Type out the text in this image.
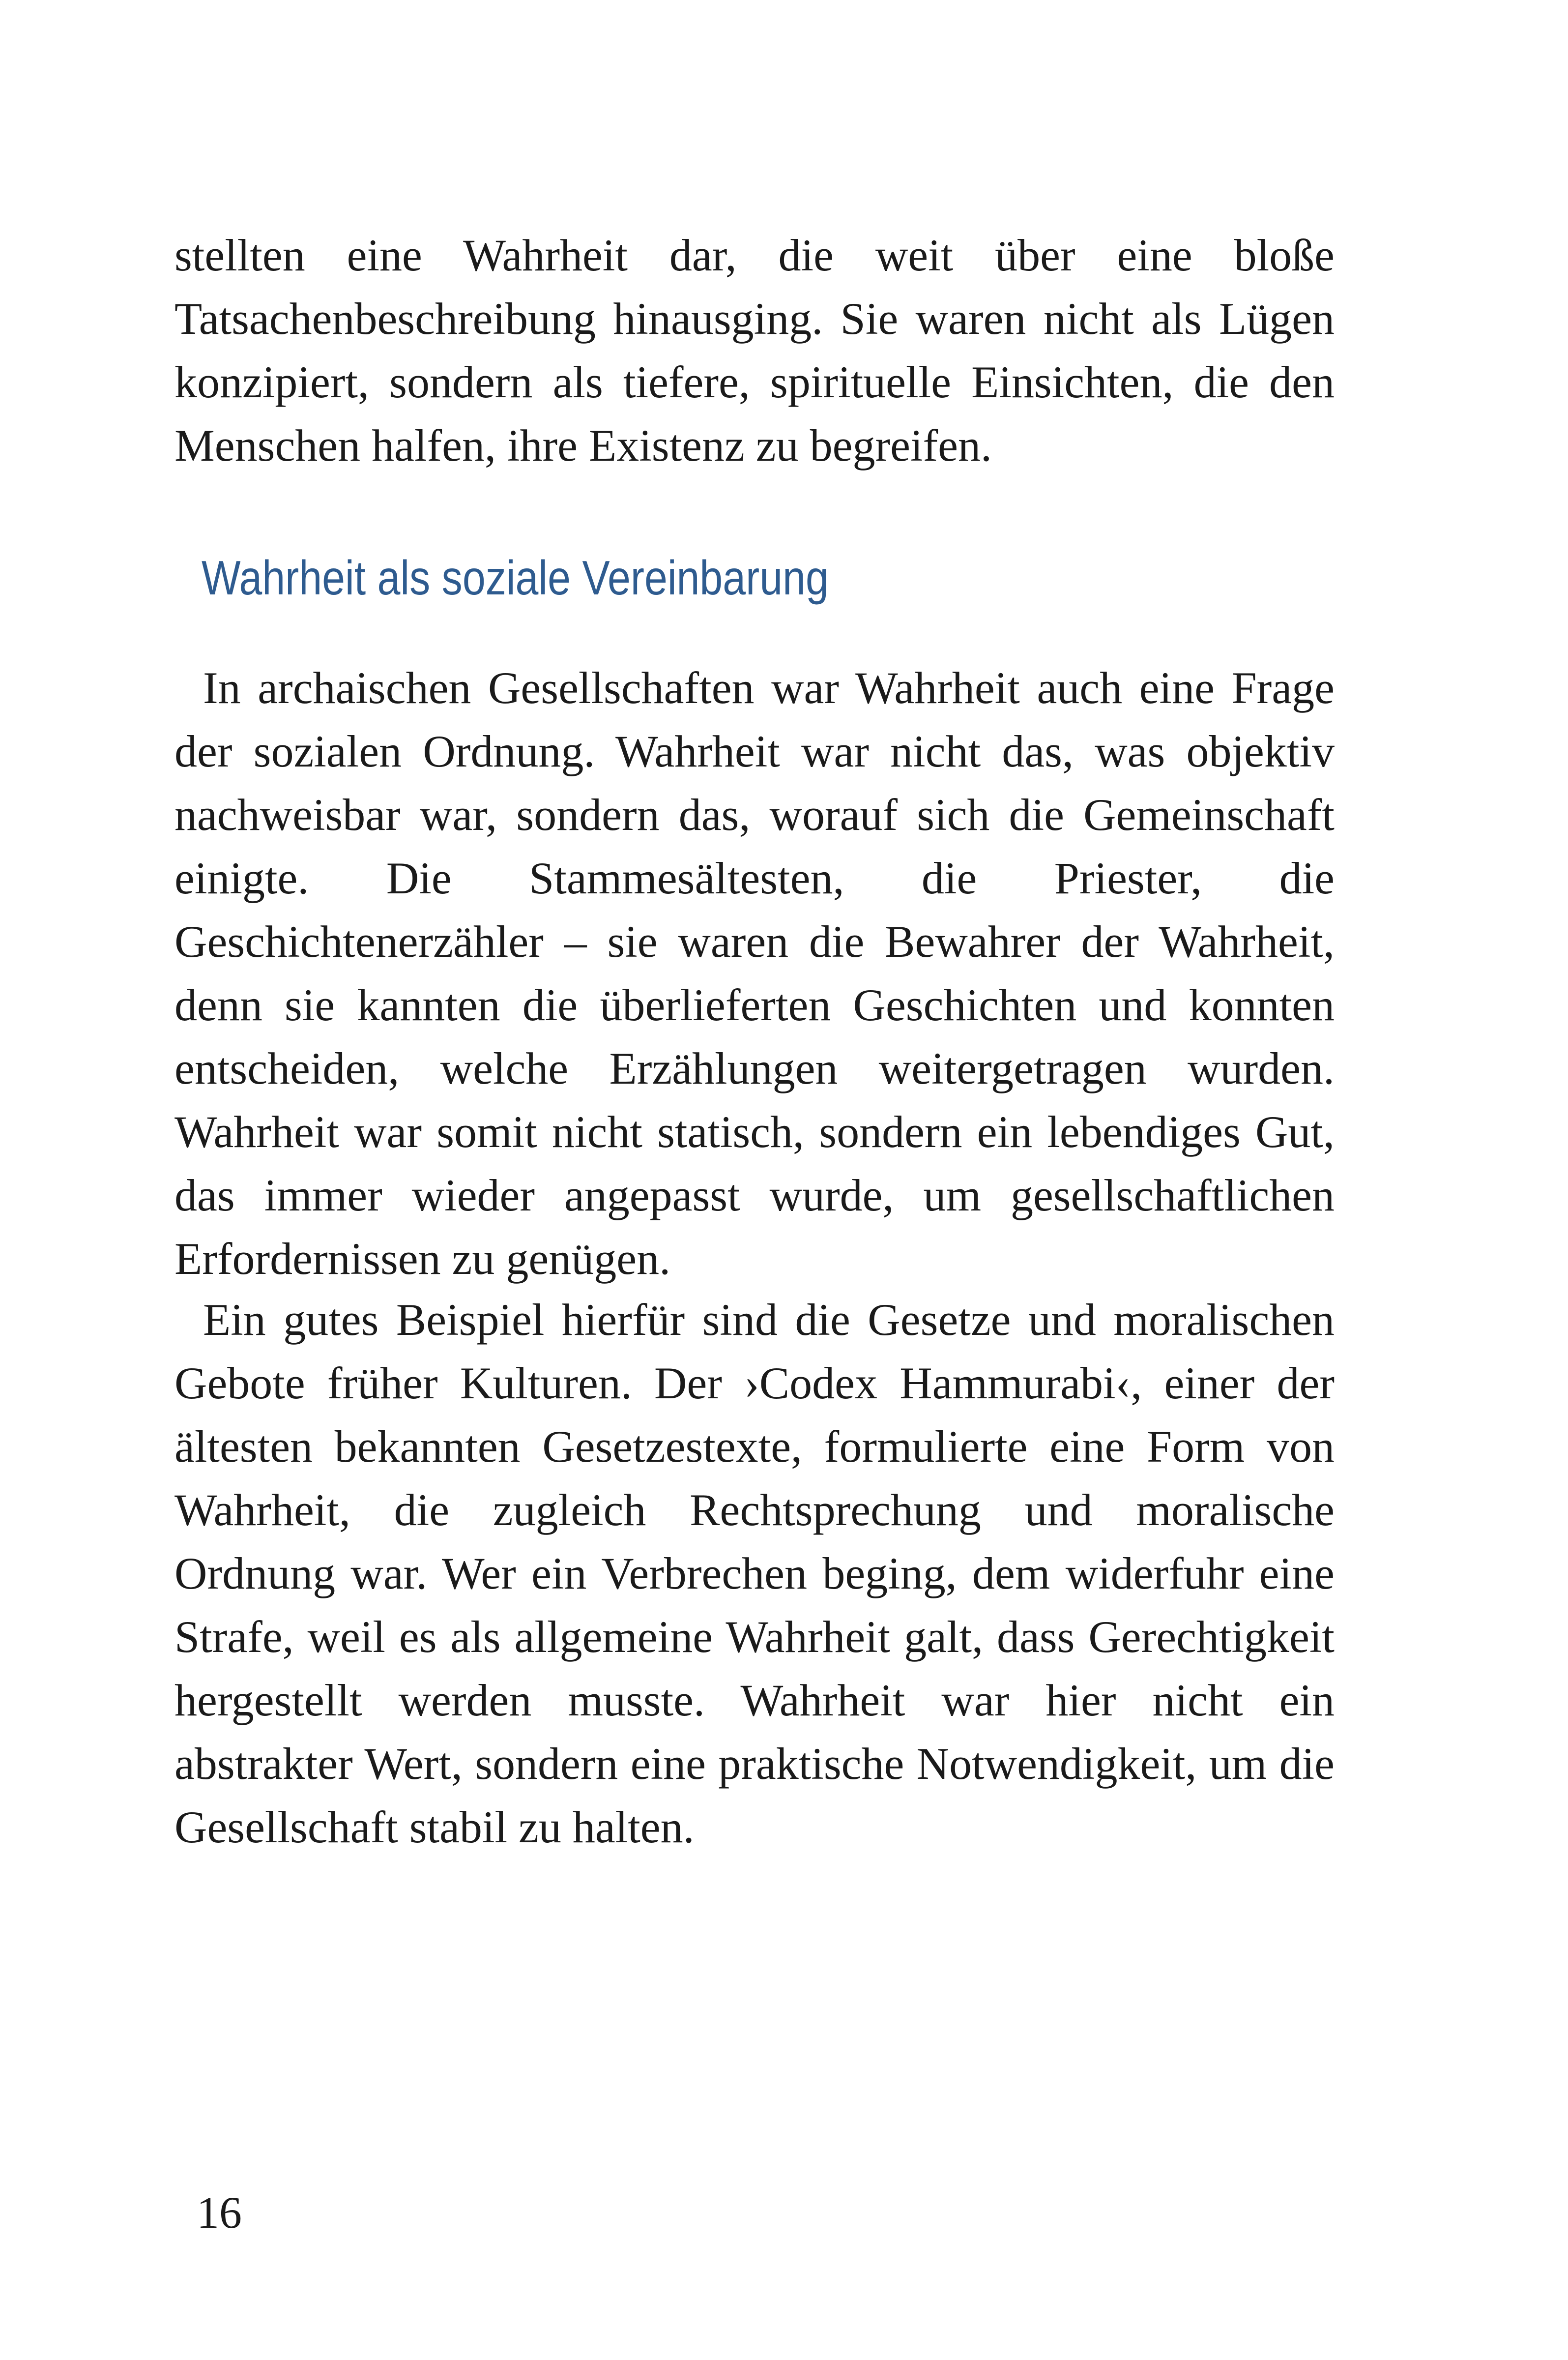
stellten eine Wahrheit dar, die weit über eine bloße Tatsachenbeschreibung hinausging. Sie waren nicht als Lügen konzipiert, sondern als tiefere, spirituelle Einsichten, die den Menschen halfen, ihre Existenz zu begreifen.

Wahrheit als soziale Vereinbarung

In archaischen Gesellschaften war Wahrheit auch eine Frage der sozialen Ordnung. Wahrheit war nicht das, was objektiv nachweisbar war, sondern das, worauf sich die Gemeinschaft einigte. Die Stammesältesten, die Priester, die Geschichtenerzähler – sie waren die Bewahrer der Wahrheit, denn sie kannten die überlieferten Geschichten und konnten entscheiden, welche Erzählungen weitergetragen wurden. Wahrheit war somit nicht statisch, sondern ein lebendiges Gut, das immer wieder angepasst wurde, um gesellschaftlichen Erfordernissen zu genügen.

Ein gutes Beispiel hierfür sind die Gesetze und moralischen Gebote früher Kulturen. Der ›Codex Hammurabi‹, einer der ältesten bekannten Gesetzestexte, formulierte eine Form von Wahrheit, die zugleich Rechtsprechung und moralische Ordnung war. Wer ein Verbrechen beging, dem widerfuhr eine Strafe, weil es als allgemeine Wahrheit galt, dass Gerechtigkeit hergestellt werden musste. Wahrheit war hier nicht ein abstrakter Wert, sondern eine praktische Notwendigkeit, um die Gesellschaft stabil zu halten.

16
